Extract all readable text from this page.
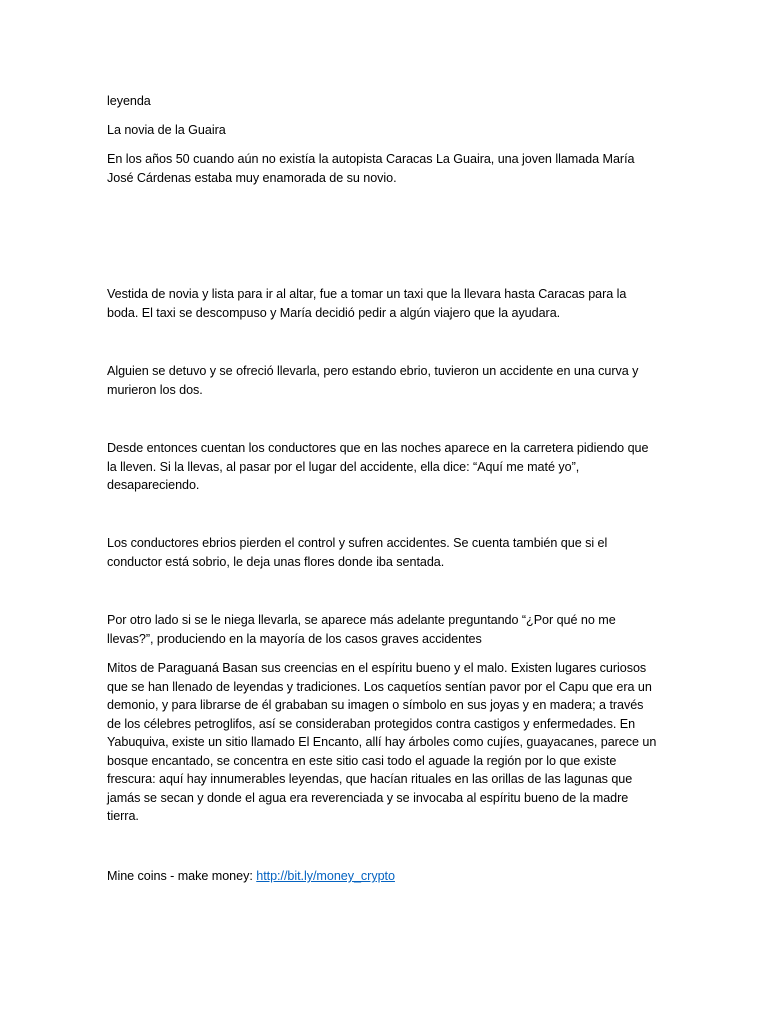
leyenda

La novia de la Guaira

En los años 50 cuando aún no existía la autopista Caracas La Guaira, una joven llamada María José Cárdenas estaba muy enamorada de su novio.

Vestida de novia y lista para ir al altar, fue a tomar un taxi que la llevara hasta Caracas para la boda. El taxi se descompuso y María decidió pedir a algún viajero que la ayudara.

Alguien se detuvo y se ofreció llevarla, pero estando ebrio, tuvieron un accidente en una curva y murieron los dos.

Desde entonces cuentan los conductores que en las noches aparece en la carretera pidiendo que la lleven. Si la llevas, al pasar por el lugar del accidente, ella dice: “Aquí me maté yo”, desapareciendo.

Los conductores ebrios pierden el control y sufren accidentes. Se cuenta también que si el conductor está sobrio, le deja unas flores donde iba sentada.

Por otro lado si se le niega llevarla, se aparece más adelante preguntando “¿Por qué no me llevas?”, produciendo en la mayoría de los casos graves accidentes

Mitos de Paraguaná Basan sus creencias en el espíritu bueno y el malo. Existen lugares curiosos que se han llenado de leyendas y tradiciones. Los caquetíos sentían pavor por el Capu que era un demonio, y para librarse de él grababan su imagen o símbolo en sus joyas y en madera; a través de los célebres petroglifos, así se consideraban protegidos contra castigos y enfermedades. En Yabuquiva, existe un sitio llamado El Encanto, allí hay árboles como cujíes, guayacanes, parece un bosque encantado, se concentra en este sitio casi todo el aguade la región por lo que existe frescura: aquí hay innumerables leyendas, que hacían rituales en las orillas de las lagunas que jamás se secan y donde el agua era reverenciada y se invocaba al espíritu bueno de la madre tierra.

Mine coins - make money: http://bit.ly/money_crypto
